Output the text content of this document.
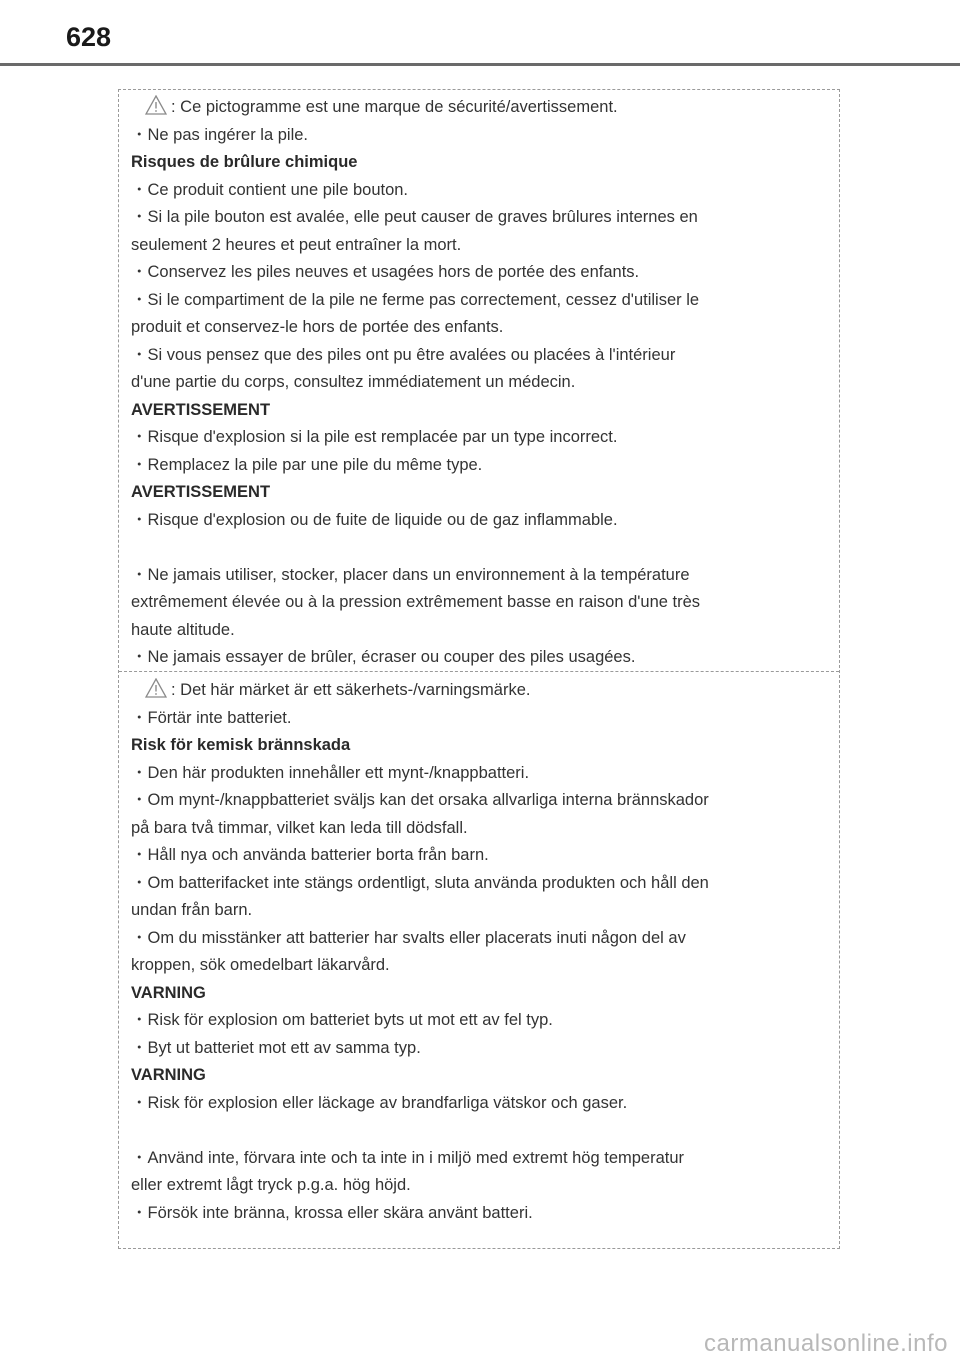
628
: Ce pictogramme est une marque de sécurité/avertissement.
・Ne pas ingérer la pile.
Risques de brûlure chimique
・Ce produit contient une pile bouton.
・Si la pile bouton est avalée, elle peut causer de graves brûlures internes en
seulement 2 heures et peut entraîner la mort.
・Conservez les piles neuves et usagées hors de portée des enfants.
・Si le compartiment de la pile ne ferme pas correctement, cessez d'utiliser le
produit et conservez-le hors de portée des enfants.
・Si vous pensez que des piles ont pu être avalées ou placées à l'intérieur
d'une partie du corps, consultez immédiatement un médecin.
AVERTISSEMENT
・Risque d'explosion si la pile est remplacée par un type incorrect.
・Remplacez la pile par une pile du même type.
AVERTISSEMENT
・Risque d'explosion ou de fuite de liquide ou de gaz inflammable.
・Ne jamais utiliser, stocker, placer dans un environnement à la température
extrêmement élevée ou à la pression extrêmement basse en raison d'une très
haute altitude.
・Ne jamais essayer de brûler, écraser ou couper des piles usagées.
: Det här märket är ett säkerhets-/varningsmärke.
・Förtär inte batteriet.
Risk för kemisk brännskada
・Den här produkten innehåller ett mynt-/knappbatteri.
・Om mynt-/knappbatteriet sväljs kan det orsaka allvarliga interna brännskador
på bara två timmar, vilket kan leda till dödsfall.
・Håll nya och använda batterier borta från barn.
・Om batterifacket inte stängs ordentligt, sluta använda produkten och håll den
undan från barn.
・Om du misstänker att batterier har svalts eller placerats inuti någon del av
kroppen, sök omedelbart läkarvård.
VARNING
・Risk för explosion om batteriet byts ut mot ett av fel typ.
・Byt ut batteriet mot ett av samma typ.
VARNING
・Risk för explosion eller läckage av brandfarliga vätskor och gaser.
・Använd inte, förvara inte och ta inte in i miljö med extremt hög temperatur
eller extremt lågt tryck p.g.a. hög höjd.
・Försök inte bränna, krossa eller skära använt batteri.
carmanualsonline.info
